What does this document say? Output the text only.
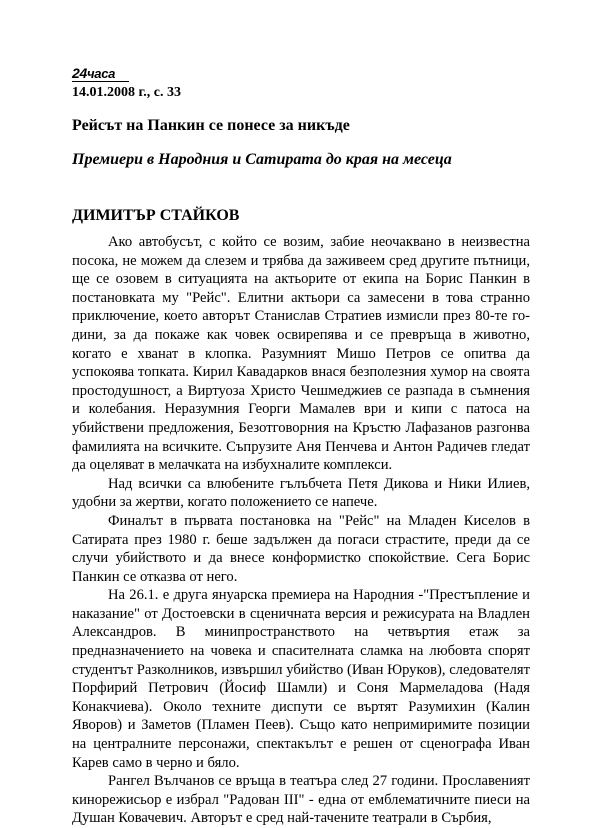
24часа
14.01.2008 г., с. 33
Рейсът на Панкин се понесе за никъде
Премиери в Народния и Сатирата до края на месеца
ДИМИТЪР СТАЙКОВ

Ако автобусът, с който се возим, забие неочаквано в неизвестна посока, не можем да слезем и трябва да заживеем сред другите пътници, ще се озовем в ситуацията на актьорите от екипа на Борис Панкин в постановката му "Рейс". Елитни актьори са замесени в това странно приключение, което авторът Станислав Стратиев измисли през 80-те години, за да покаже как човек освирепява и се превръща в животно, когато е хванат в клопка. Разумният Мишо Петров се опитва да успокоява топката. Кирил Кавадарков внася безполезния хумор на своята простодушност, а Виртуоза Христо Чешмеджиев се разпада в съмнения и колебания. Неразумния Георги Мамалев ври и кипи с патоса на убийствени предложения, Безотговорния на Кръстю Лафазанов разгонва фамилията на всичките. Съпрузите Аня Пенчева и Антон Радичев гледат да оцеляват в мелачката на избухналите комплекси.

Над всички са влюбените гълъбчета Петя Дикова и Ники Илиев, удобни за жертви, когато положението се напече.

Финалът в първата постановка на "Рейс" на Младен Киселов в Сатирата през 1980 г. беше задължен да погаси страстите, преди да се случи убийството и да внесе конформистко спокойствие. Сега Борис Панкин се отказва от него.

На 26.1. е друга януарска премиера на Народния -"Престъпление и наказание" от Достоевски в сценичната версия и режисурата на Владлен Александров. В минипространството на четвъртия етаж за предназначението на човека и спасителната сламка на любовта спорят студентът Разколников, извършил убийство (Иван Юруков), следователят Порфирий Петрович (Йосиф Шамли) и Соня Мармеладова (Надя Конакчиева). Около техните диспути се въртят Разумихин (Калин Яворов) и Заметов (Пламен Пеев). Също като непримиримите позиции на централните персонажи, спектакълът е решен от сценографа Иван Карев само в черно и бяло.

Рангел Вълчанов се връща в театъра след 27 години. Прославеният кинорежисьор е избрал "Радован III" - една от емблематичните пиеси на Душан Ковачевич. Авторът е сред най-тачените театрали в Сърбия,
